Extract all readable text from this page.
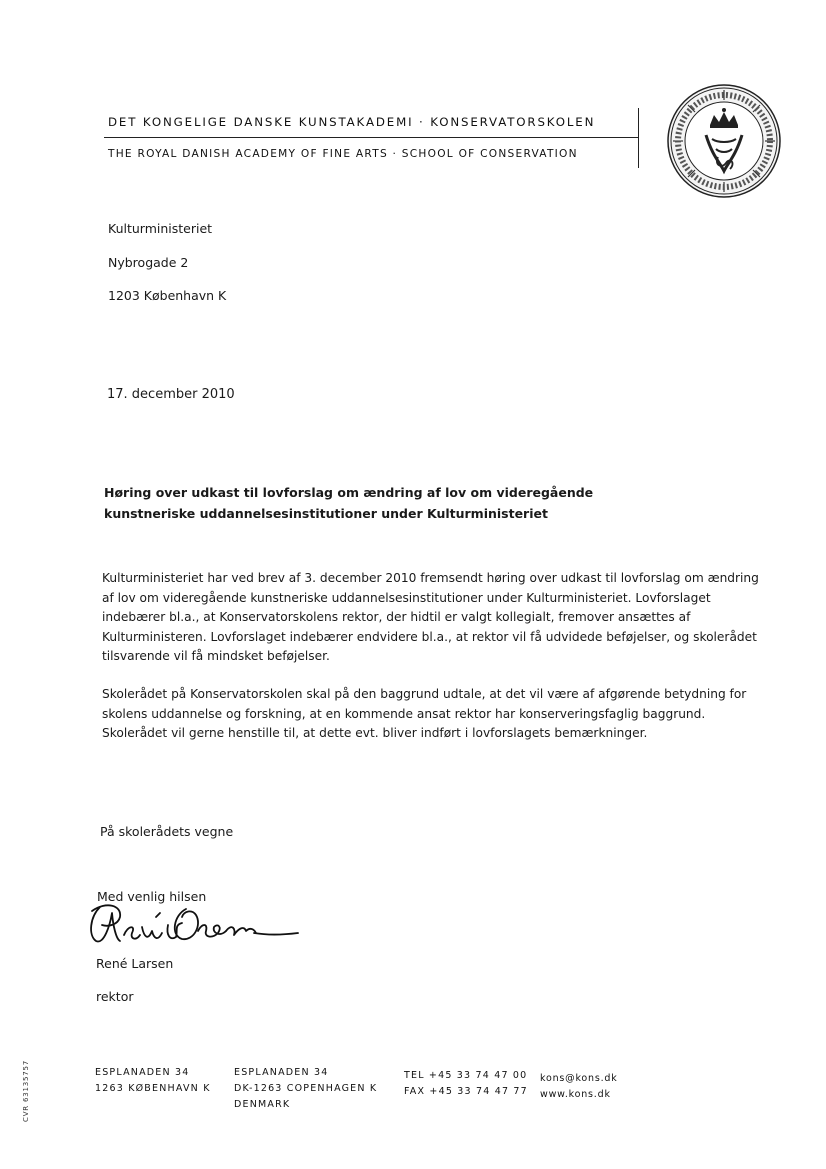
DET KONGELIGE DANSKE KUNSTAKADEMI · KONSERVATORSKOLEN
THE ROYAL DANISH ACADEMY OF FINE ARTS · SCHOOL OF CONSERVATION
Kulturministeriet
Nybrogade 2
1203 København K
17. december 2010
Høring over udkast til lovforslag om ændring af lov om videregående kunstneriske uddannelsesinstitutioner under Kulturministeriet
Kulturministeriet har ved brev af 3. december 2010 fremsendt høring over udkast til lovforslag om ændring af lov om videregående kunstneriske uddannelsesinstitutioner under Kulturministeriet. Lovforslaget indebærer bl.a., at Konservatorskolens rektor, der hidtil er valgt kollegialt, fremover ansættes af Kulturministeren. Lovforslaget indebærer endvidere bl.a., at rektor vil få udvidede beføjelser, og skolerådet tilsvarende vil få mindsket beføjelser.
Skolerådet på Konservatorskolen skal på den baggrund udtale, at det vil være af afgørende betydning for skolens uddannelse og forskning, at en kommende ansat rektor har konserveringsfaglig baggrund. Skolerådet vil gerne henstille til, at dette evt. bliver indført i lovforslagets bemærkninger.
På skolerådets vegne
Med venlig hilsen
René Larsen
rektor
CVR 63135757	ESPLANADEN 34
1263 KØBENHAVN K
ESPLANADEN 34
DK-1263 COPENHAGEN K
DENMARK
TEL +45 33 74 47 00
FAX +45 33 74 47 77
kons@kons.dk
www.kons.dk
